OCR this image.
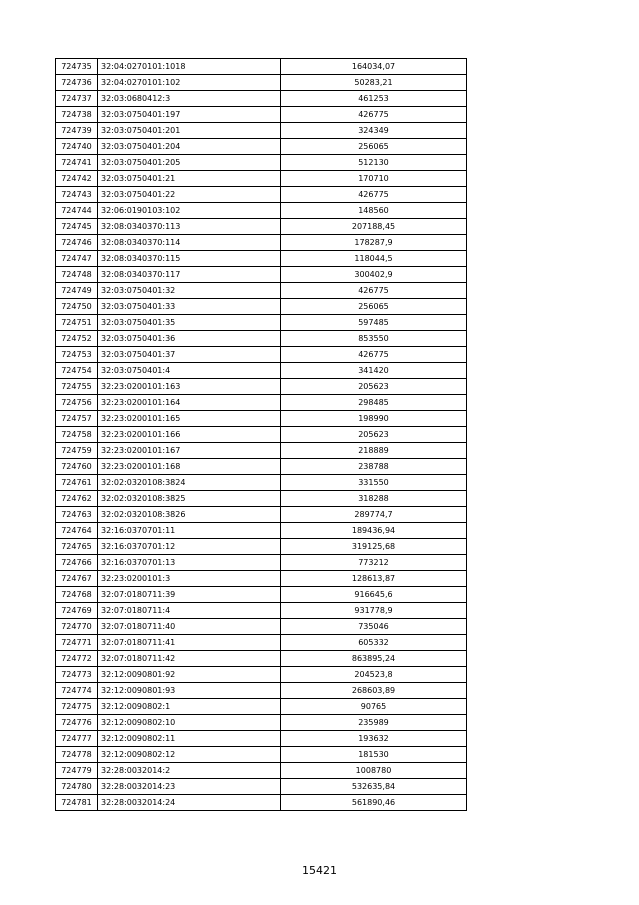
724735	32:04:0270101:1018	164034,07
724736	32:04:0270101:102	50283,21
724737	32:03:0680412:3	461253
724738	32:03:0750401:197	426775
724739	32:03:0750401:201	324349
724740	32:03:0750401:204	256065
724741	32:03:0750401:205	512130
724742	32:03:0750401:21	170710
724743	32:03:0750401:22	426775
724744	32:06:0190103:102	148560
724745	32:08:0340370:113	207188,45
724746	32:08:0340370:114	178287,9
724747	32:08:0340370:115	118044,5
724748	32:08:0340370:117	300402,9
724749	32:03:0750401:32	426775
724750	32:03:0750401:33	256065
724751	32:03:0750401:35	597485
724752	32:03:0750401:36	853550
724753	32:03:0750401:37	426775
724754	32:03:0750401:4	341420
724755	32:23:0200101:163	205623
724756	32:23:0200101:164	298485
724757	32:23:0200101:165	198990
724758	32:23:0200101:166	205623
724759	32:23:0200101:167	218889
724760	32:23:0200101:168	238788
724761	32:02:0320108:3824	331550
724762	32:02:0320108:3825	318288
724763	32:02:0320108:3826	289774,7
724764	32:16:0370701:11	189436,94
724765	32:16:0370701:12	319125,68
724766	32:16:0370701:13	773212
724767	32:23:0200101:3	128613,87
724768	32:07:0180711:39	916645,6
724769	32:07:0180711:4	931778,9
724770	32:07:0180711:40	735046
724771	32:07:0180711:41	605332
724772	32:07:0180711:42	863895,24
724773	32:12:0090801:92	204523,8
724774	32:12:0090801:93	268603,89
724775	32:12:0090802:1	90765
724776	32:12:0090802:10	235989
724777	32:12:0090802:11	193632
724778	32:12:0090802:12	181530
724779	32:28:0032014:2	1008780
724780	32:28:0032014:23	532635,84
724781	32:28:0032014:24	561890,46
15421
